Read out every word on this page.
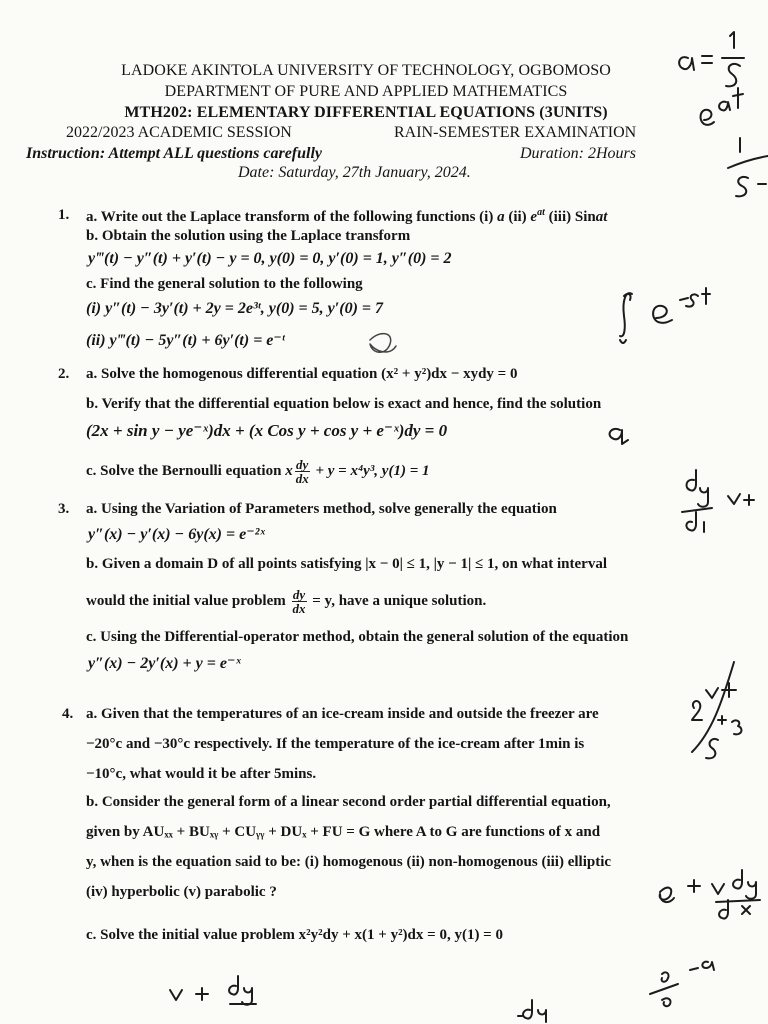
LADOKE AKINTOLA UNIVERSITY OF TECHNOLOGY, OGBOMOSO
DEPARTMENT OF PURE AND APPLIED MATHEMATICS
MTH202: ELEMENTARY DIFFERENTIAL EQUATIONS (3UNITS)
2022/2023 ACADEMIC SESSION	RAIN-SEMESTER EXAMINATION
Instruction: Attempt ALL questions carefully	Duration: 2Hours
Date: Saturday, 27th January, 2024.
1. a. Write out the Laplace transform of the following functions (i) a (ii) $e^{at}$ (iii) Sinat
b. Obtain the solution using the Laplace transform
y‴(t) − y″(t) + y′(t) − y = 0, y(0) = 0, y′(0) = 1, y″(0) = 2
c. Find the general solution to the following
(i) y″(t) − 3y′(t) + 2y = 2e³ᵗ, y(0) = 5, y′(0) = 7
(ii) y‴(t) − 5y″(t) + 6y′(t) = e⁻ᵗ
2. a. Solve the homogenous differential equation (x² + y²)dx − xydy = 0
b. Verify that the differential equation below is exact and hence, find the solution
(2x + sin y − ye⁻ˣ)dx + (x Cos y + cos y + e⁻ˣ)dy = 0
c. Solve the Bernoulli equation x $\frac{dy}{dx} + y = x^4y^3$, y(1) = 1
3. a. Using the Variation of Parameters method, solve generally the equation
y″(x) − y′(x) − 6y(x) = e⁻²ˣ
b. Given a domain D of all points satisfying |x − 0| ≤ 1, |y − 1| ≤ 1, on what interval
would the initial value problem $\frac{dy}{dx} = y$, have a unique solution.
c. Using the Differential-operator method, obtain the general solution of the equation
y″(x) − 2y′(x) + y = e⁻ˣ
4. a. Given that the temperatures of an ice-cream inside and outside the freezer are
−20°c and −30°c respectively. If the temperature of the ice-cream after 1min is
−10°c, what would it be after 5mins.
b. Consider the general form of a linear second order partial differential equation,
given by AUₓₓ + BUₓᵧ + CUᵧᵧ + DUₓ + FU = G where A to G are functions of x and
y, when is the equation said to be: (i) homogenous (ii) non-homogenous (iii) elliptic
(iv) hyperbolic (v) parabolic ?
c. Solve the initial value problem x²y²dy + x(1 + y²)dx = 0, y(1) = 0
